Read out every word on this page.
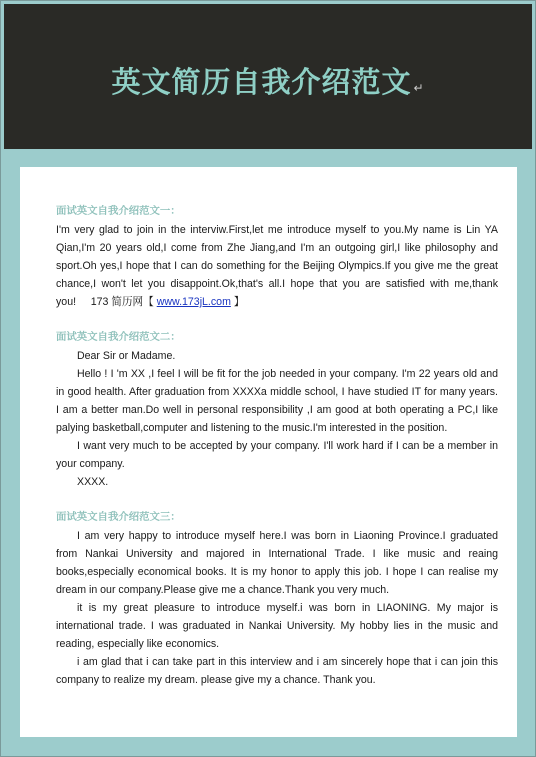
英文简历自我介绍范文 ↵

面试英文自我介绍范文一：

I'm very glad to join in the interviw.First,let me introduce myself to you.My name is Lin YA Qian,I'm 20 years old,I come from Zhe Jiang,and I'm an outgoing girl,I like philosophy and sport.Oh yes,I hope that I can do something for the Beijing Olympics.If you give me the great chance,I won't let you disappoint.Ok,that's all.I hope that you are satisfied with me,thank you! 173 简历网【 www.173jL.com 】

面试英文自我介绍范文二：

Dear Sir or Madame.

Hello ! I 'm XX ,I feel I will be fit for the job needed in your company. I'm 22 years old and in good health. After graduation from XXXXa middle school, I have studied IT for many years. I am a better man.Do well in personal responsibility ,I am good at both operating a PC,I like palying basketball,computer and listening to the music.I'm interested in the position.

I want very much to be accepted by your company. I'll work hard if I can be a member in your company.

XXXX.

面试英文自我介绍范文三：

I am very happy to introduce myself here.I was born in Liaoning Province.I graduated from Nankai University and majored in International Trade. I like music and reaing books,especially economical books. It is my honor to apply this job. I hope I can realise my dream in our company.Please give me a chance.Thank you very much.

it is my great pleasure to introduce myself.i was born in LIAONING. My major is international trade. I was graduated in Nankai University. My hobby lies in the music and reading, especially like economics.

i am glad that i can take part in this interview and i am sincerely hope that i can join this company to realize my dream. please give my a chance. Thank you.
